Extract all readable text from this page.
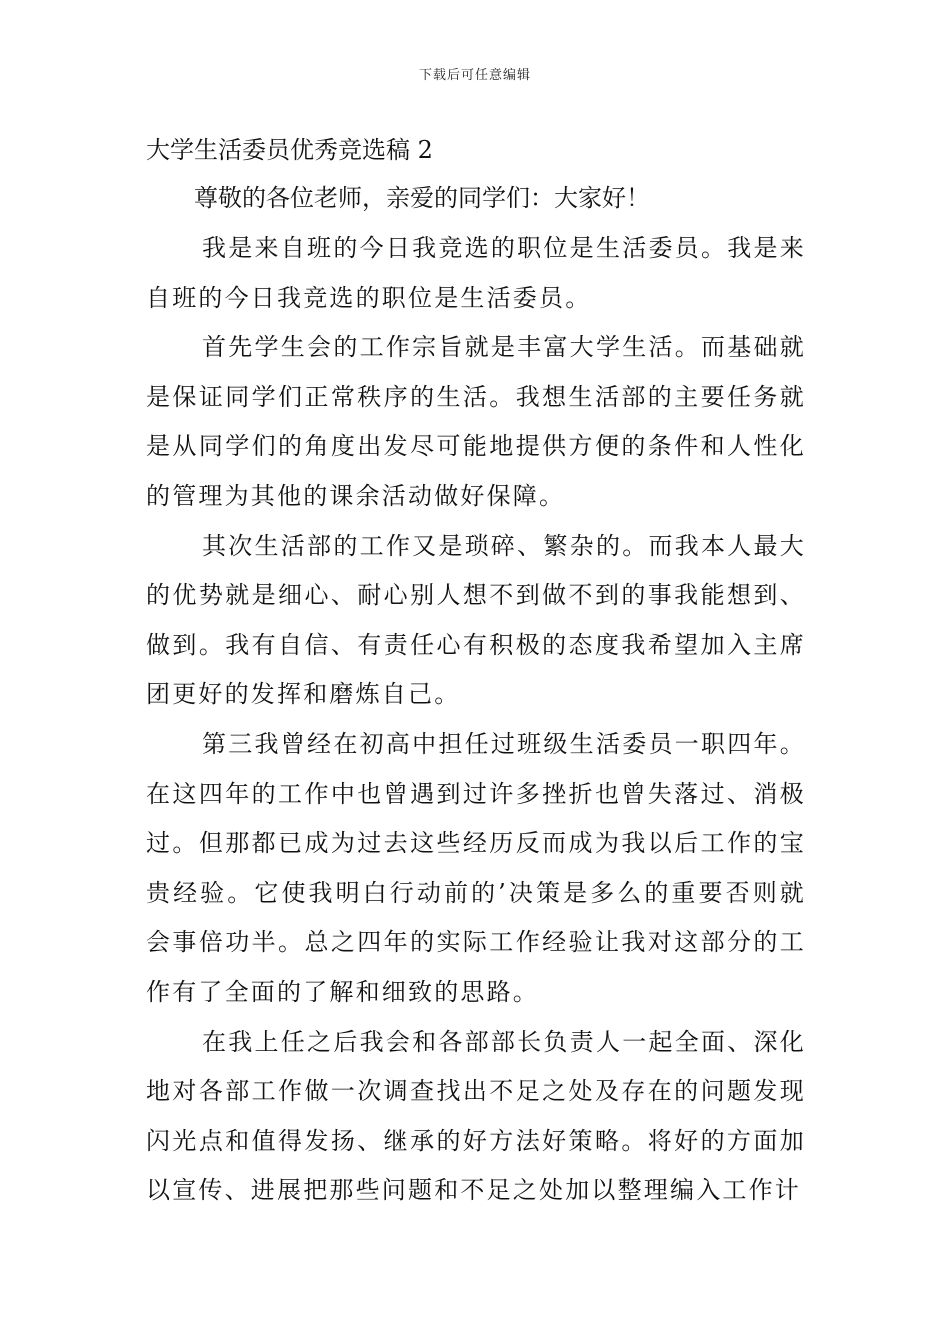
下载后可任意编辑
大学生活委员优秀竞选稿 2
尊敬的各位老师，亲爱的同学们：大家好！

我是来自班的今日我竞选的职位是生活委员。我是来自班的今日我竞选的职位是生活委员。

首先学生会的工作宗旨就是丰富大学生活。而基础就是保证同学们正常秩序的生活。我想生活部的主要任务就是从同学们的角度出发尽可能地提供方便的条件和人性化的管理为其他的课余活动做好保障。

其次生活部的工作又是琐碎、繁杂的。而我本人最大的优势就是细心、耐心别人想不到做不到的事我能想到、做到。我有自信、有责任心有积极的态度我希望加入主席团更好的发挥和磨炼自己。

第三我曾经在初高中担任过班级生活委员一职四年。在这四年的工作中也曾遇到过许多挫折也曾失落过、消极过。但那都已成为过去这些经历反而成为我以后工作的宝贵经验。它使我明白行动前的’决策是多么的重要否则就会事倍功半。总之四年的实际工作经验让我对这部分的工作有了全面的了解和细致的思路。

在我上任之后我会和各部部长负责人一起全面、深化地对各部工作做一次调查找出不足之处及存在的问题发现闪光点和值得发扬、继承的好方法好策略。将好的方面加以宣传、进展把那些问题和不足之处加以整理编入工作计
